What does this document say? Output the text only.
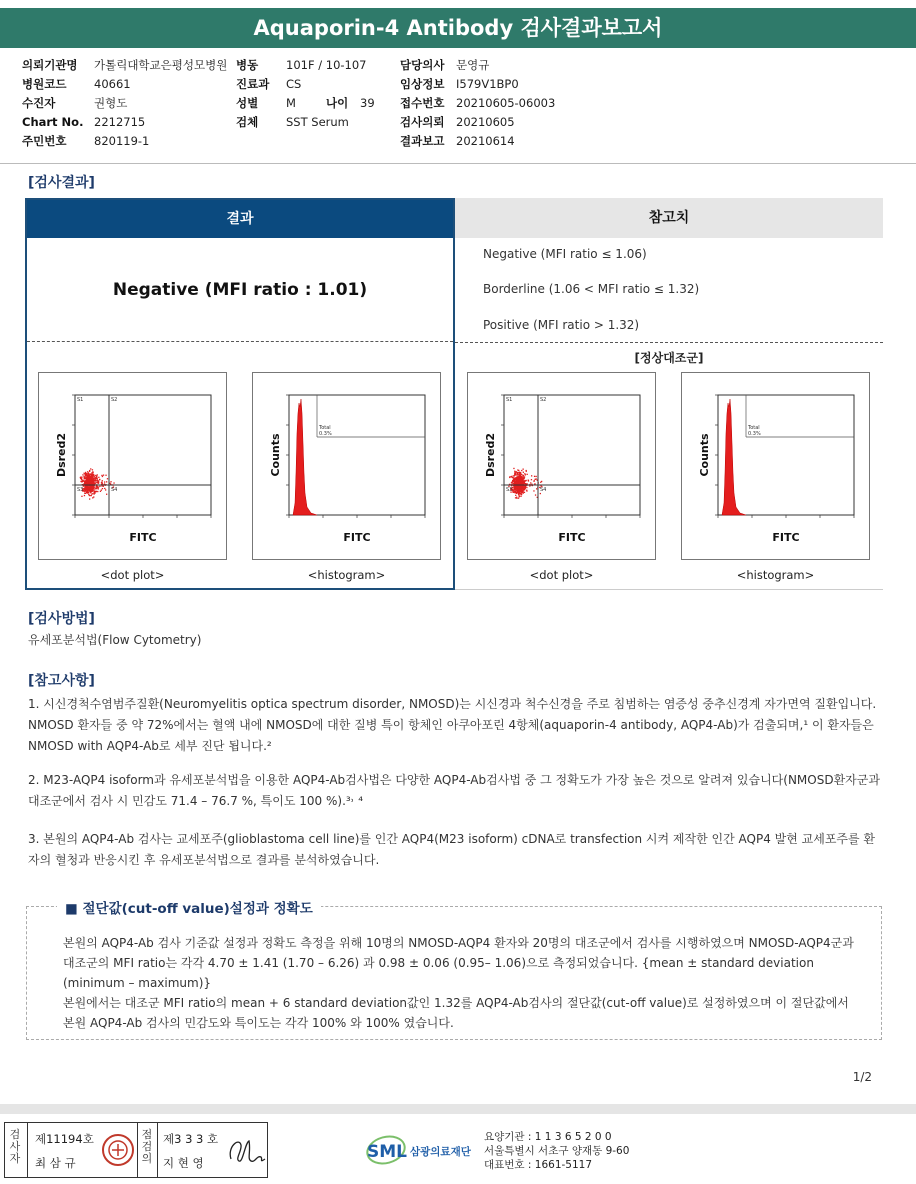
Aquaporin-4 Antibody 검사결과보고서
의뢰기관명 가톨릭대학교은평성모병원
병원코드 40661
수진자	권형도
Chart No. 2212715
주민번호 820119-1
병동 101F / 10-107
진료과 CS
성별 M	나이 39
검체 SST Serum
담당의사 문영규
임상정보 I579V1BP0
접수번호 20210605-06003
검사의뢰 20210605
결과보고 20210614
[검사결과]
결과
Negative (MFI ratio : 1.01)
참고치
Negative (MFI ratio ≤ 1.06)
Borderline (1.06 < MFI ratio ≤ 1.32)
Positive (MFI ratio > 1.32)
[정상대조군]
Dsred2
FITC
S1	S2
S3	S4
Counts
FITC
Total
0.3%	Dsred2
FITC
S1	S2
S3	S4
Counts
FITC
Total
0.3%
<dot plot>	<histogram>	<dot plot>	<histogram>
[검사방법]
유세포분석법(Flow Cytometry)
[참고사항]
1. 시신경척수염범주질환(Neuromyelitis optica spectrum disorder, NMOSD)는 시신경과 척수신경을 주로 침범하는 염증성 중추신경계 자가면역 질환입니다. NMOSD 환자들 중 약 72%에서는 혈액 내에 NMOSD에 대한 질병 특이 항체인 아쿠아포린 4항체(aquaporin-4 antibody, AQP4-Ab)가 검출되며,¹ 이 환자들은 NMOSD with AQP4-Ab로 세부 진단 됩니다.²
2. M23-AQP4 isoform과 유세포분석법을 이용한 AQP4-Ab검사법은 다양한 AQP4-Ab검사법 중 그 정확도가 가장 높은 것으로 알려져 있습니다(NMOSD환자군과 대조군에서 검사 시 민감도 71.4 – 76.7 %, 특이도 100 %).³˒ ⁴
3. 본원의 AQP4-Ab 검사는 교세포주(glioblastoma cell line)를 인간 AQP4(M23 isoform) cDNA로 transfection 시켜 제작한 인간 AQP4 발현 교세포주를 환자의 혈청과 반응시킨 후 유세포분석법으로 결과를 분석하였습니다.
■ 절단값(cut-off value)설정과 정확도
본원의 AQP4-Ab 검사 기준값 설정과 정확도 측정을 위해 10명의 NMOSD-AQP4 환자와 20명의 대조군에서 검사를 시행하였으며 NMOSD-AQP4군과 대조군의 MFI ratio는 각각 4.70 ± 1.41 (1.70 – 6.26) 과 0.98 ± 0.06 (0.95– 1.06)으로 측정되었습니다. {mean ± standard deviation (minimum – maximum)}
본원에서는 대조군 MFI ratio의 mean + 6 standard deviation값인 1.32를 AQP4-Ab검사의 절단값(cut-off value)로 설정하였으며 이 절단값에서 본원 AQP4-Ab 검사의 민감도와 특이도는 각각 100% 와 100% 였습니다.
1/2
검사자
제11194호
최 삼 규
점검의
제3 3 3 호
지 현 영
SML 삼광의료재단
요양기관 : 1 1 3 6 5 2 0 0
서울특별시 서초구 양재동 9-60
대표번호 : 1661-5117
